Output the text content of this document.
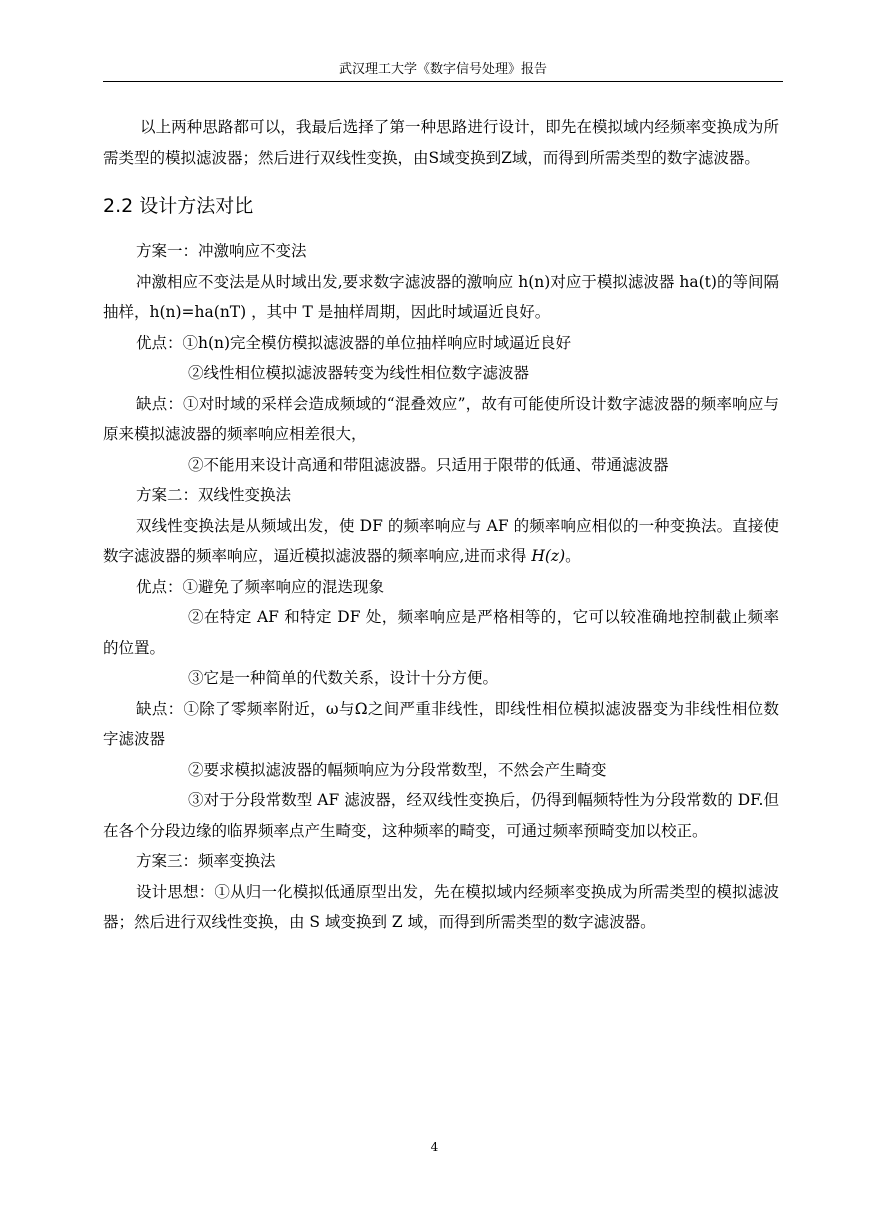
武汉理工大学《数字信号处理》报告

以上两种思路都可以，我最后选择了第一种思路进行设计，即先在模拟域内经频率变换成为所需类型的模拟滤波器；然后进行双线性变换，由S域变换到Z域，而得到所需类型的数字滤波器。

2.2 设计方法对比

方案一：冲激响应不变法

冲激相应不变法是从时域出发,要求数字滤波器的激响应 h(n)对应于模拟滤波器 ha(t)的等间隔抽样，h(n)=ha(nT) ，其中 T 是抽样周期，因此时域逼近良好。

优点：①h(n)完全模仿模拟滤波器的单位抽样响应时域逼近良好

②线性相位模拟滤波器转变为线性相位数字滤波器

缺点：①对时域的采样会造成频域的“混叠效应”，故有可能使所设计数字滤波器的频率响应与原来模拟滤波器的频率响应相差很大，

②不能用来设计高通和带阻滤波器。只适用于限带的低通、带通滤波器

方案二：双线性变换法

双线性变换法是从频域出发，使 DF 的频率响应与 AF 的频率响应相似的一种变换法。直接使数字滤波器的频率响应，逼近模拟滤波器的频率响应,进而求得 H(z)。

优点：①避免了频率响应的混迭现象

②在特定 AF 和特定 DF 处，频率响应是严格相等的，它可以较准确地控制截止频率的位置。

③它是一种简单的代数关系，设计十分方便。

缺点：①除了零频率附近，ω与Ω之间严重非线性，即线性相位模拟滤波器变为非线性相位数字滤波器

②要求模拟滤波器的幅频响应为分段常数型，不然会产生畸变

③对于分段常数型 AF 滤波器，经双线性变换后，仍得到幅频特性为分段常数的 DF.但在各个分段边缘的临界频率点产生畸变，这种频率的畸变，可通过频率预畸变加以校正。

方案三：频率变换法

设计思想：①从归一化模拟低通原型出发，先在模拟域内经频率变换成为所需类型的模拟滤波器；然后进行双线性变换，由 S 域变换到 Z 域，而得到所需类型的数字滤波器。

4
